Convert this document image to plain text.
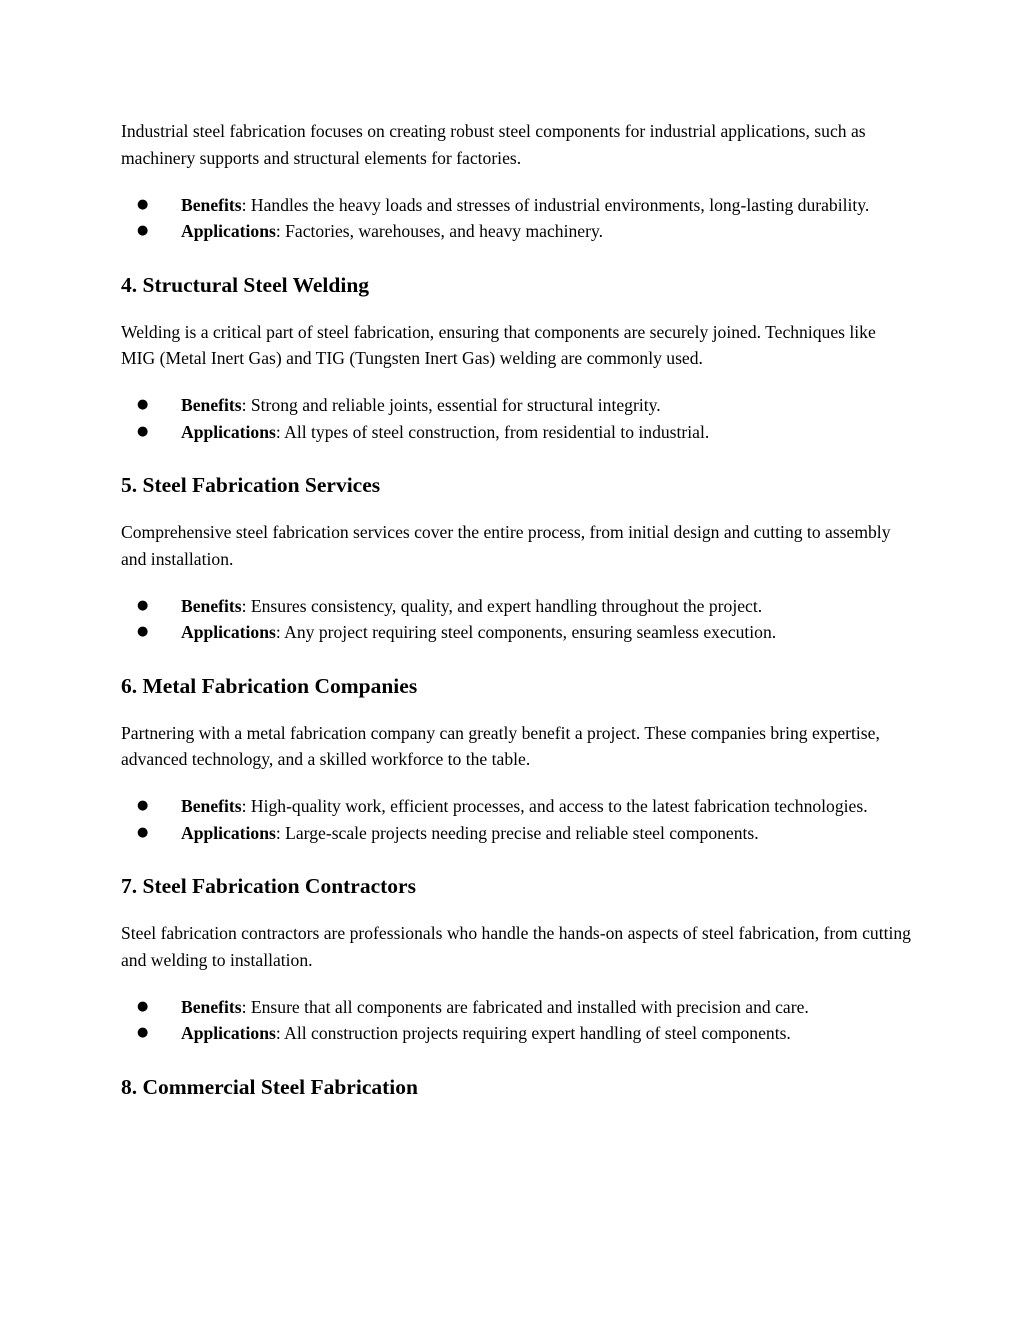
Industrial steel fabrication focuses on creating robust steel components for industrial applications, such as machinery supports and structural elements for factories.

● Benefits: Handles the heavy loads and stresses of industrial environments, long-lasting durability.
● Applications: Factories, warehouses, and heavy machinery.
4. Structural Steel Welding

Welding is a critical part of steel fabrication, ensuring that components are securely joined. Techniques like MIG (Metal Inert Gas) and TIG (Tungsten Inert Gas) welding are commonly used.

● Benefits: Strong and reliable joints, essential for structural integrity.
● Applications: All types of steel construction, from residential to industrial.
5. Steel Fabrication Services

Comprehensive steel fabrication services cover the entire process, from initial design and cutting to assembly and installation.

● Benefits: Ensures consistency, quality, and expert handling throughout the project.
● Applications: Any project requiring steel components, ensuring seamless execution.
6. Metal Fabrication Companies

Partnering with a metal fabrication company can greatly benefit a project. These companies bring expertise, advanced technology, and a skilled workforce to the table.

● Benefits: High-quality work, efficient processes, and access to the latest fabrication technologies.
● Applications: Large-scale projects needing precise and reliable steel components.
7. Steel Fabrication Contractors

Steel fabrication contractors are professionals who handle the hands-on aspects of steel fabrication, from cutting and welding to installation.

● Benefits: Ensure that all components are fabricated and installed with precision and care.
● Applications: All construction projects requiring expert handling of steel components.
8. Commercial Steel Fabrication
